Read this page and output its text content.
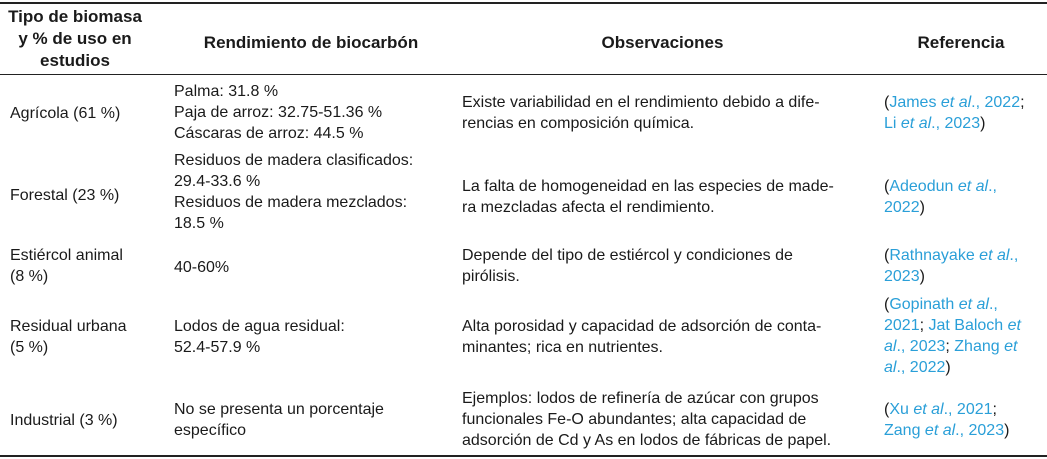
Tipo de biomasa
y % de uso en
estudios
Rendimiento de biocarbón	Observaciones	Referencia
Agrícola (61 %)
Palma: 31.8 %
Paja de arroz: 32.75-51.36 %
Cáscaras de arroz: 44.5 %
Existe variabilidad en el rendimiento debido a dife-
rencias en composición química.
(James et al., 2022;
Li et al., 2023)
Forestal (23 %)
Residuos de madera clasificados:
29.4-33.6 %
Residuos de madera mezclados:
18.5 %
La falta de homogeneidad en las especies de made-
ra mezcladas afecta el rendimiento.
(Adeodun et al.,
2022)
Estiércol animal
(8 %)
40-60%
Depende del tipo de estiércol y condiciones de
pirólisis.
(Rathnayake et al.,
2023)
Residual urbana
(5 %)
Lodos de agua residual:
52.4-57.9 %
Alta porosidad y capacidad de adsorción de conta-
minantes; rica en nutrientes.
(Gopinath et al.,
2021; Jat Baloch et
al., 2023; Zhang et
al., 2022)
Industrial (3 %)
No se presenta un porcentaje
específico
Ejemplos: lodos de refinería de azúcar con grupos
funcionales Fe-O abundantes; alta capacidad de
adsorción de Cd y As en lodos de fábricas de papel.
(Xu et al., 2021;
Zang et al., 2023)
